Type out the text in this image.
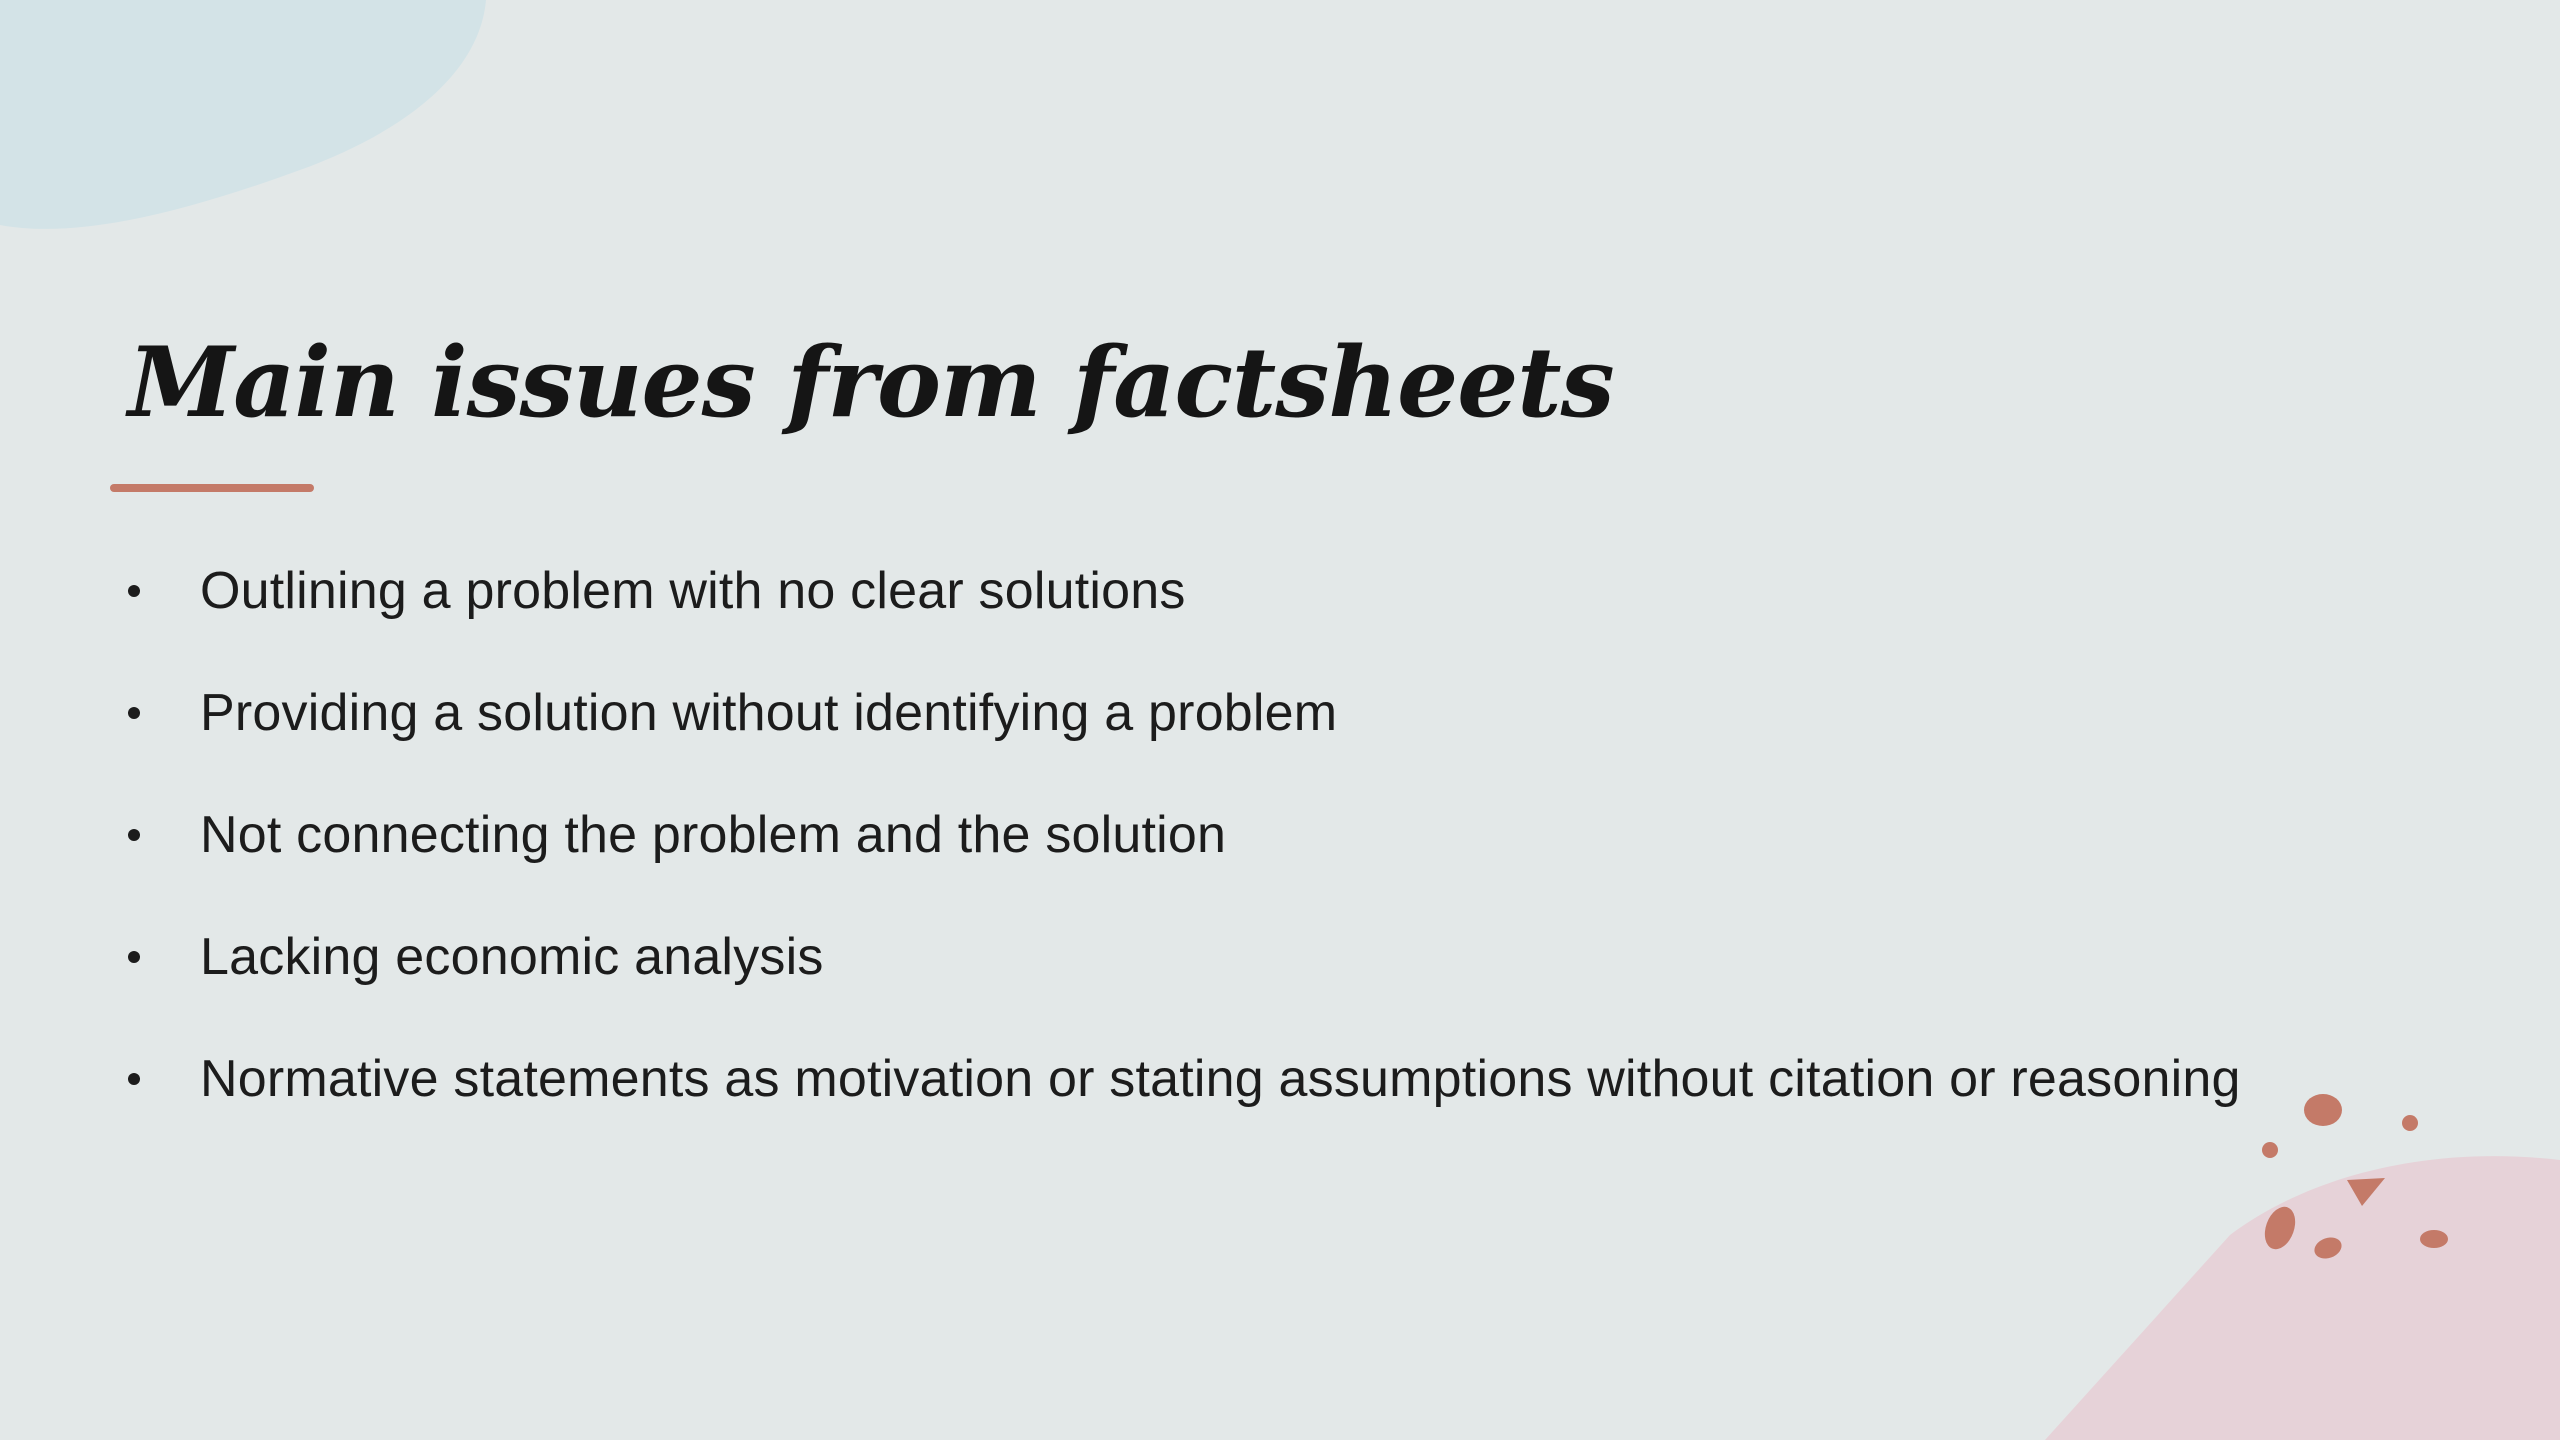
Main issues from factsheets
Outlining a problem with no clear solutions
Providing a solution without identifying a problem
Not connecting the problem and the solution
Lacking economic analysis
Normative statements as motivation or stating assumptions without citation or reasoning
